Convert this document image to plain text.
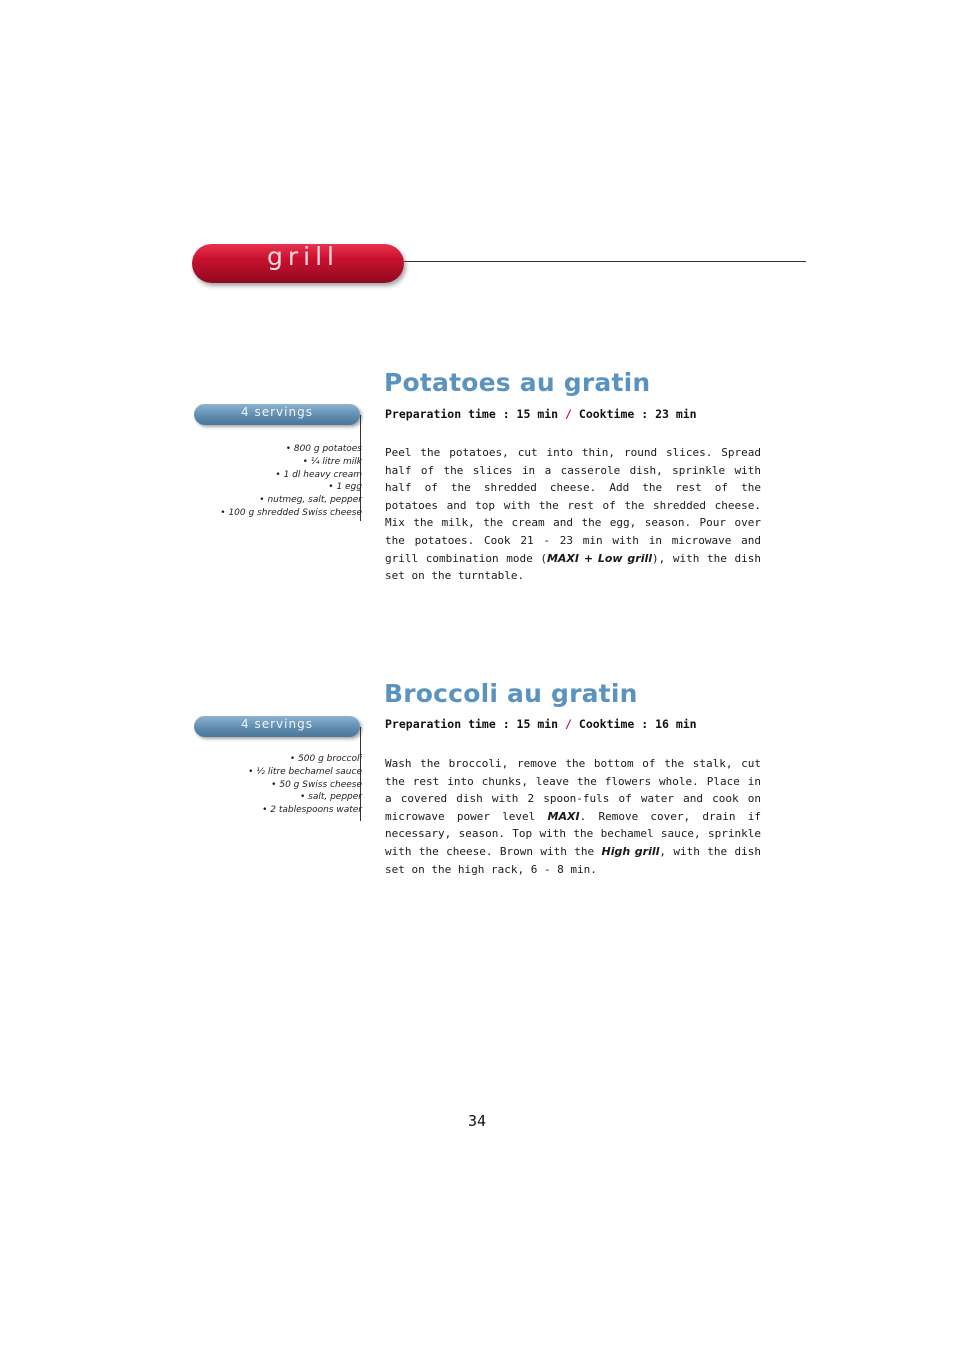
grill
4 servings
• 800 g potatoes
• ¼ litre milk
• 1 dl heavy cream
• 1 egg
• nutmeg, salt, pepper
• 100 g shredded Swiss cheese
Potatoes au gratin

Preparation time : 15 min / Cooktime : 23 min

Peel the potatoes, cut into thin, round slices. Spread half of the slices in a casserole dish, sprinkle with half of the shredded cheese. Add the rest of the potatoes and top with the rest of the shredded cheese. Mix the milk, the cream and the egg, season. Pour over the potatoes. Cook 21 - 23 min with in microwave and grill combination mode (MAXI + Low grill), with the dish set on the turntable.

4 servings
• 500 g broccoli
• ½ litre bechamel sauce
• 50 g Swiss cheese
• salt, pepper
• 2 tablespoons water
Broccoli au gratin

Preparation time : 15 min / Cooktime : 16 min

Wash the broccoli, remove the bottom of the stalk, cut the rest into chunks, leave the flowers whole. Place in a covered dish with 2 spoon-fuls of water and cook on microwave power level MAXI. Remove cover, drain if necessary, season. Top with the bechamel sauce, sprinkle with the cheese. Brown with the High grill, with the dish set on the high rack, 6 - 8 min.

34
